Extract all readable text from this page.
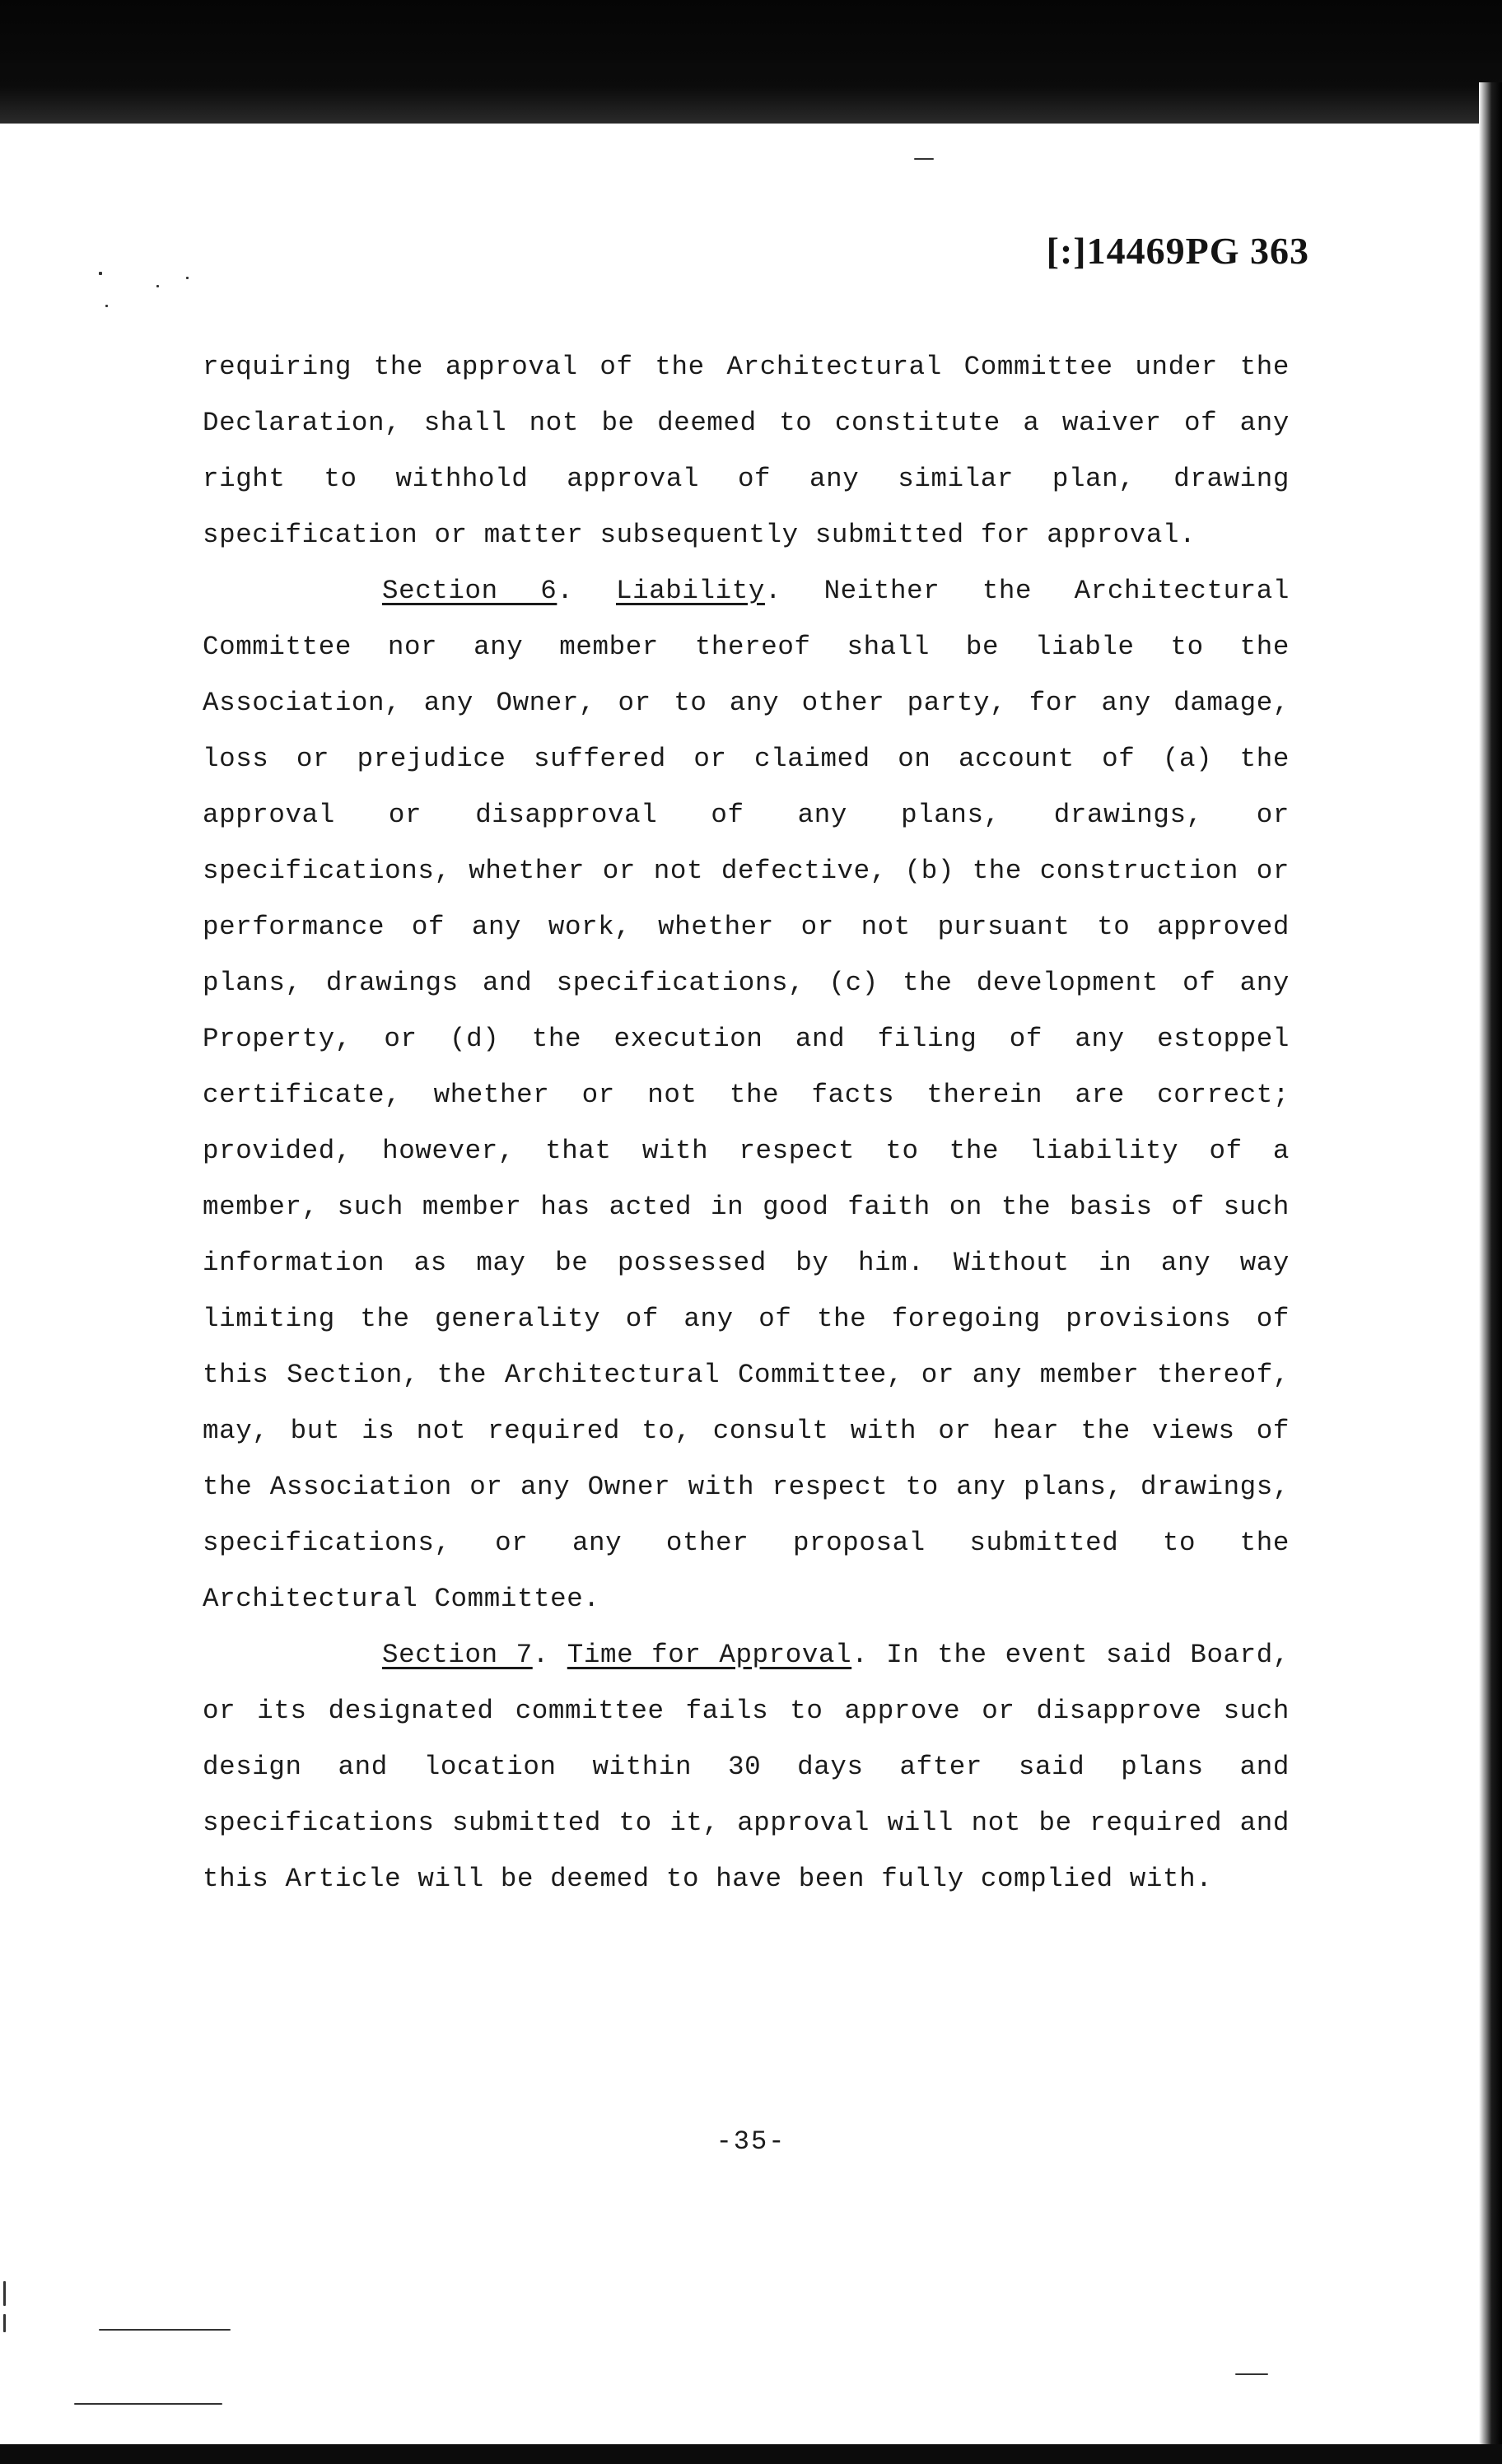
[:]14469PG 363

requiring the approval of the Architectural Committee under the Declaration, shall not be deemed to constitute a waiver of any right to withhold approval of any similar plan, drawing specification or matter subsequently submitted for approval.

Section 6. Liability. Neither the Architectural Committee nor any member thereof shall be liable to the Association, any Owner, or to any other party, for any damage, loss or prejudice suffered or claimed on account of (a) the approval or disapproval of any plans, drawings, or specifications, whether or not defective, (b) the construction or performance of any work, whether or not pursuant to approved plans, drawings and specifications, (c) the development of any Property, or (d) the execution and filing of any estoppel certificate, whether or not the facts therein are correct; provided, however, that with respect to the liability of a member, such member has acted in good faith on the basis of such information as may be possessed by him. Without in any way limiting the generality of any of the foregoing provisions of this Section, the Architectural Committee, or any member thereof, may, but is not required to, consult with or hear the views of the Association or any Owner with respect to any plans, drawings, specifications, or any other proposal submitted to the Architectural Committee.

Section 7. Time for Approval. In the event said Board, or its designated committee fails to approve or disapprove such design and location within 30 days after said plans and specifications submitted to it, approval will not be required and this Article will be deemed to have been fully complied with.

-35-
